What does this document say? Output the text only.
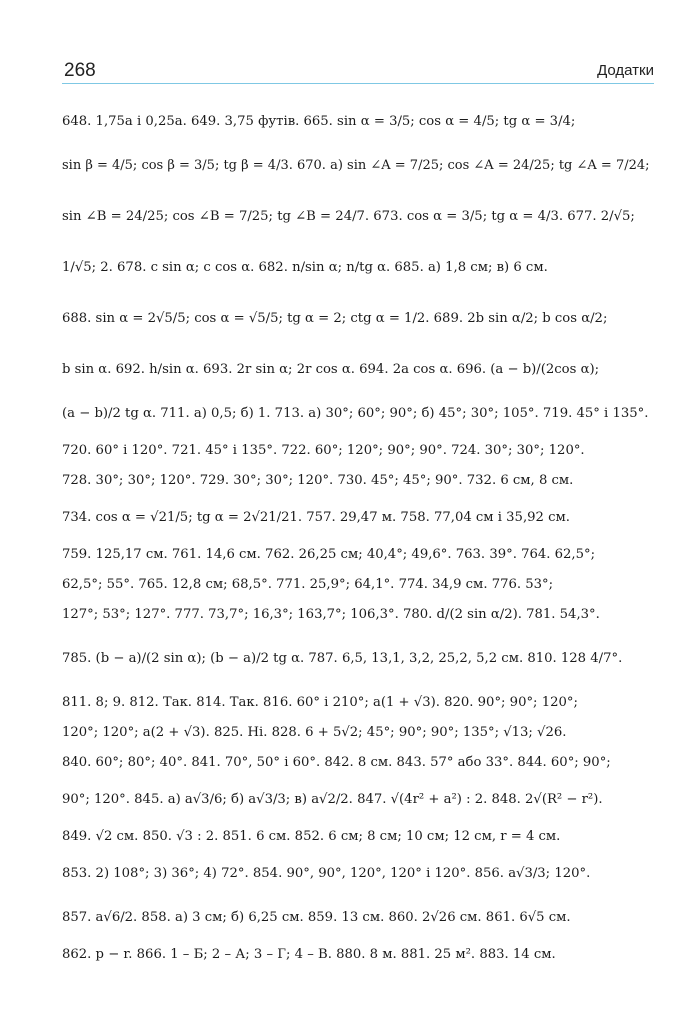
268	Додатки
648. 1,75a і 0,25a. 649. 3,75 футів. 665. sin α = 3/5; cos α = 4/5; tg α = 3/4;
sin β = 4/5; cos β = 3/5; tg β = 4/3. 670. а) sin ∠A = 7/25; cos ∠A = 24/25; tg ∠A = 7/24;
sin ∠B = 24/25; cos ∠B = 7/25; tg ∠B = 24/7. 673. cos α = 3/5; tg α = 4/3. 677. 2/√5;
1/√5; 2. 678. c sin α; c cos α. 682. n/sin α; n/tg α. 685. а) 1,8 см; в) 6 см.
688. sin α = 2√5/5; cos α = √5/5; tg α = 2; ctg α = 1/2. 689. 2b sin α/2; b cos α/2;
b sin α. 692. h/sin α. 693. 2r sin α; 2r cos α. 694. 2a cos α. 696. (a − b)/(2cos α);
(a − b)/2 tg α. 711. а) 0,5; б) 1. 713. а) 30°; 60°; 90°; б) 45°; 30°; 105°. 719. 45° і 135°.
720. 60° і 120°. 721. 45° і 135°. 722. 60°; 120°; 90°; 90°. 724. 30°; 30°; 120°.
728. 30°; 30°; 120°. 729. 30°; 30°; 120°. 730. 45°; 45°; 90°. 732. 6 см, 8 см.
734. cos α = √21/5; tg α = 2√21/21. 757. 29,47 м. 758. 77,04 см і 35,92 см.
759. 125,17 см. 761. 14,6 см. 762. 26,25 см; 40,4°; 49,6°. 763. 39°. 764. 62,5°;
62,5°; 55°. 765. 12,8 см; 68,5°. 771. 25,9°; 64,1°. 774. 34,9 см. 776. 53°;
127°; 53°; 127°. 777. 73,7°; 16,3°; 163,7°; 106,3°. 780. d/(2 sin α/2). 781. 54,3°.
785. (b − a)/(2 sin α); (b − a)/2 tg α. 787. 6,5, 13,1, 3,2, 25,2, 5,2 см. 810. 128 4/7°.
811. 8; 9. 812. Так. 814. Так. 816. 60° і 210°; a(1 + √3). 820. 90°; 90°; 120°;
120°; 120°; a(2 + √3). 825. Ні. 828. 6 + 5√2; 45°; 90°; 90°; 135°; √13; √26.
840. 60°; 80°; 40°. 841. 70°, 50° і 60°. 842. 8 см. 843. 57° або 33°. 844. 60°; 90°;
90°; 120°. 845. а) a√3/6; б) a√3/3; в) a√2/2. 847. √(4r² + a²) : 2. 848. 2√(R² − r²).
849. √2 см. 850. √3 : 2. 851. 6 см. 852. 6 см; 8 см; 10 см; 12 см, r = 4 см.
853. 2) 108°; 3) 36°; 4) 72°. 854. 90°, 90°, 120°, 120° і 120°. 856. a√3/3; 120°.
857. a√6/2. 858. а) 3 см; б) 6,25 см. 859. 13 см. 860. 2√26 см. 861. 6√5 см.
862. p − r. 866. 1 – Б; 2 – А; 3 – Г; 4 – В. 880. 8 м. 881. 25 м². 883. 14 см.
